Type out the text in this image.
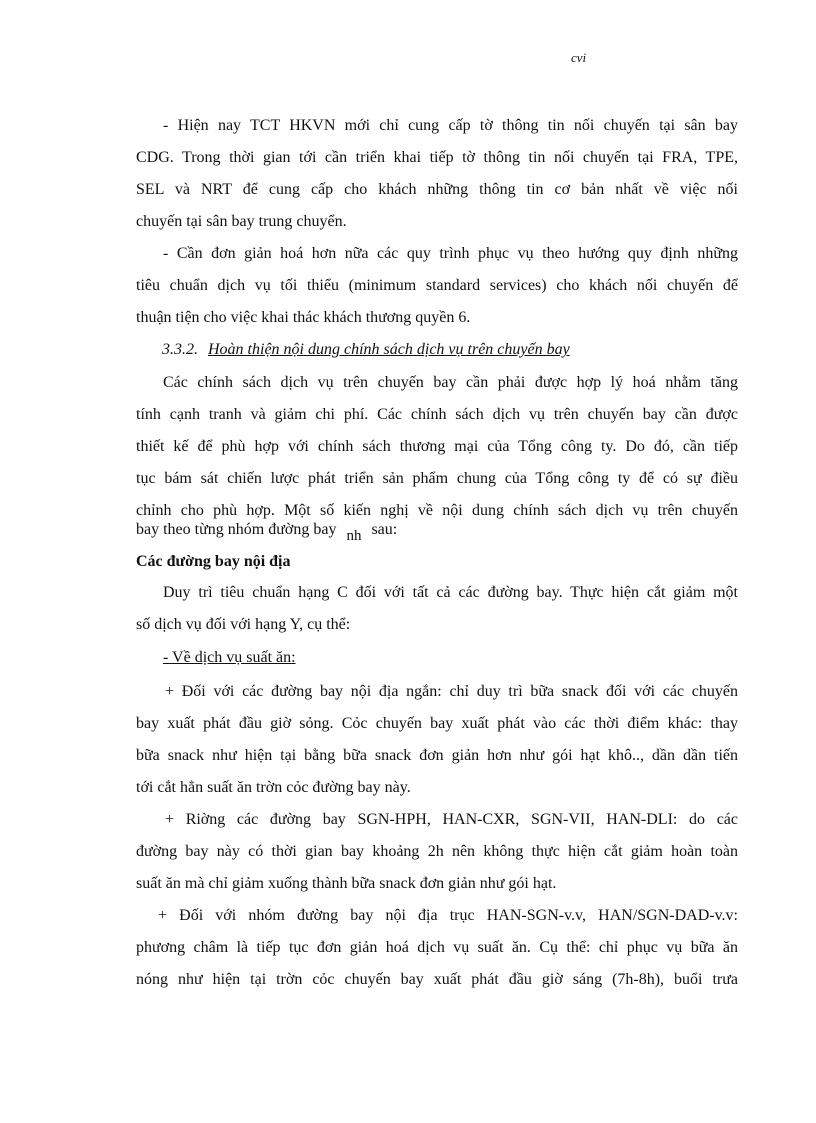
cvi
- Hiện nay TCT HKVN mới chỉ cung cấp tờ thông tin nối chuyến tại sân bay
CDG. Trong thời gian tới cần triển khai tiếp tờ thông tin nối chuyến tại FRA, TPE,
SEL và NRT để cung cấp cho khách những thông tin cơ bản nhất về việc nối
chuyến tại sân bay trung chuyển.
- Cần đơn giản hoá hơn nữa các quy trình phục vụ theo hướng quy định những
tiêu chuẩn dịch vụ tối thiểu (minimum standard services) cho khách nối chuyến để
thuận tiện cho việc khai thác khách thương quyền 6.
3.3.2. Hoàn thiện nội dung chính sách dịch vụ trên chuyến bay
Các chính sách dịch vụ trên chuyến bay cần phải được hợp lý hoá nhằm tăng
tính cạnh tranh và giảm chi phí. Các chính sách dịch vụ trên chuyến bay cần được
thiết kế để phù hợp với chính sách thương mại của Tổng công ty. Do đó, cần tiếp
tục bám sát chiến lược phát triển sản phẩm chung của Tổng công ty để có sự điều
chỉnh cho phù hợp. Một số kiến nghị về nội dung chính sách dịch vụ trên chuyến
bay theo từng nhóm đường bay nh sau:
Các đường bay nội địa
Duy trì tiêu chuẩn hạng C đối với tất cả các đường bay. Thực hiện cắt giảm một
số dịch vụ đối với hạng Y, cụ thể:
- Về dịch vụ suất ăn:
+ Đối với các đường bay nội địa ngắn: chỉ duy trì bữa snack đối với các chuyến
bay xuất phát đầu giờ sỏng. Cỏc chuyến bay xuất phát vào các thời điểm khác: thay
bữa snack như hiện tại bằng bữa snack đơn giản hơn như gói hạt khô.., dần dần tiến
tới cắt hẳn suất ăn trờn cỏc đường bay này.
+ Riờng các đường bay SGN-HPH, HAN-CXR, SGN-VII, HAN-DLI: do các
đường bay này có thời gian bay khoảng 2h nên không thực hiện cắt giảm hoàn toàn
suất ăn mà chỉ giảm xuống thành bữa snack đơn giản như gói hạt.
+ Đối với nhóm đường bay nội địa trục HAN-SGN-v.v, HAN/SGN-DAD-v.v:
phương châm là tiếp tục đơn giản hoá dịch vụ suất ăn. Cụ thể: chỉ phục vụ bữa ăn
nóng như hiện tại trờn cỏc chuyến bay xuất phát đầu giờ sáng (7h-8h), buổi trưa
